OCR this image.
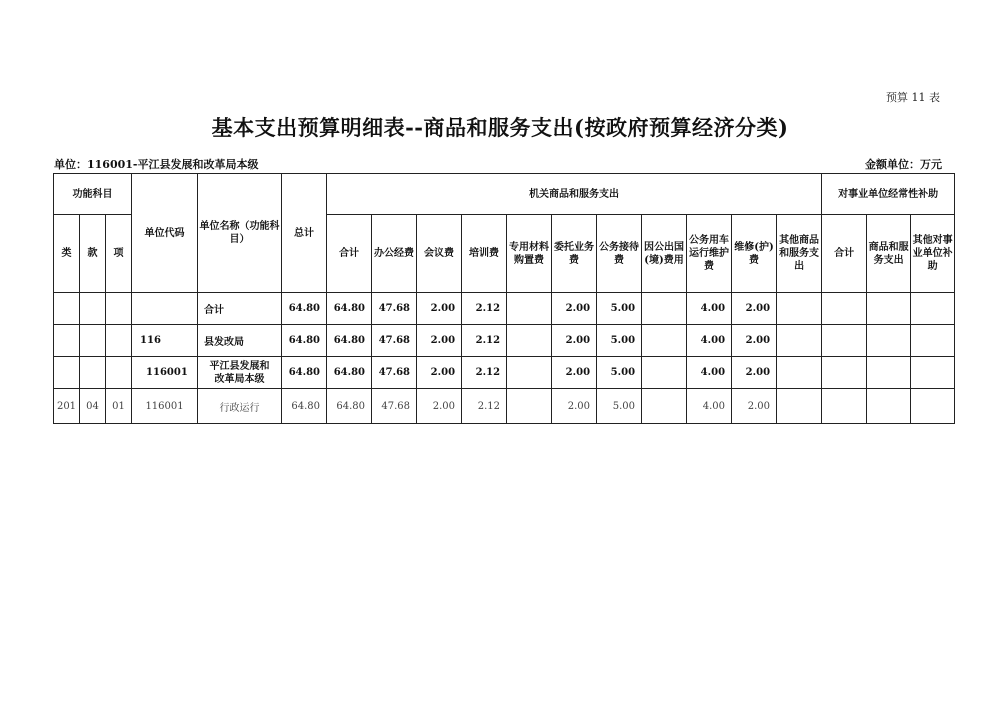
预算 11 表
基本支出预算明细表--商品和服务支出(按政府预算经济分类)
单位：116001-平江县发展和改革局本级	金额单位：万元
功能科目			单位代码	单位名称（功能科目）	总计	机关商品和服务支出											对事业单位经常性补助		
类	款	项				合计	办公经费	会议费	培训费	专用材料购置费	委托业务费	公务接待费	因公出国(境)费用	公务用车运行维护费	维修(护)费	其他商品和服务支出	合计	商品和服务支出	其他对事业单位补助
				合计	64.80	64.80	47.68	2.00	2.12		2.00	5.00		4.00	2.00				
			116	县发改局	64.80	64.80	47.68	2.00	2.12		2.00	5.00		4.00	2.00				
			116001	平江县发展和改革局本级	64.80	64.80	47.68	2.00	2.12		2.00	5.00		4.00	2.00				
201	04	01	116001	行政运行	64.80	64.80	47.68	2.00	2.12		2.00	5.00		4.00	2.00				
